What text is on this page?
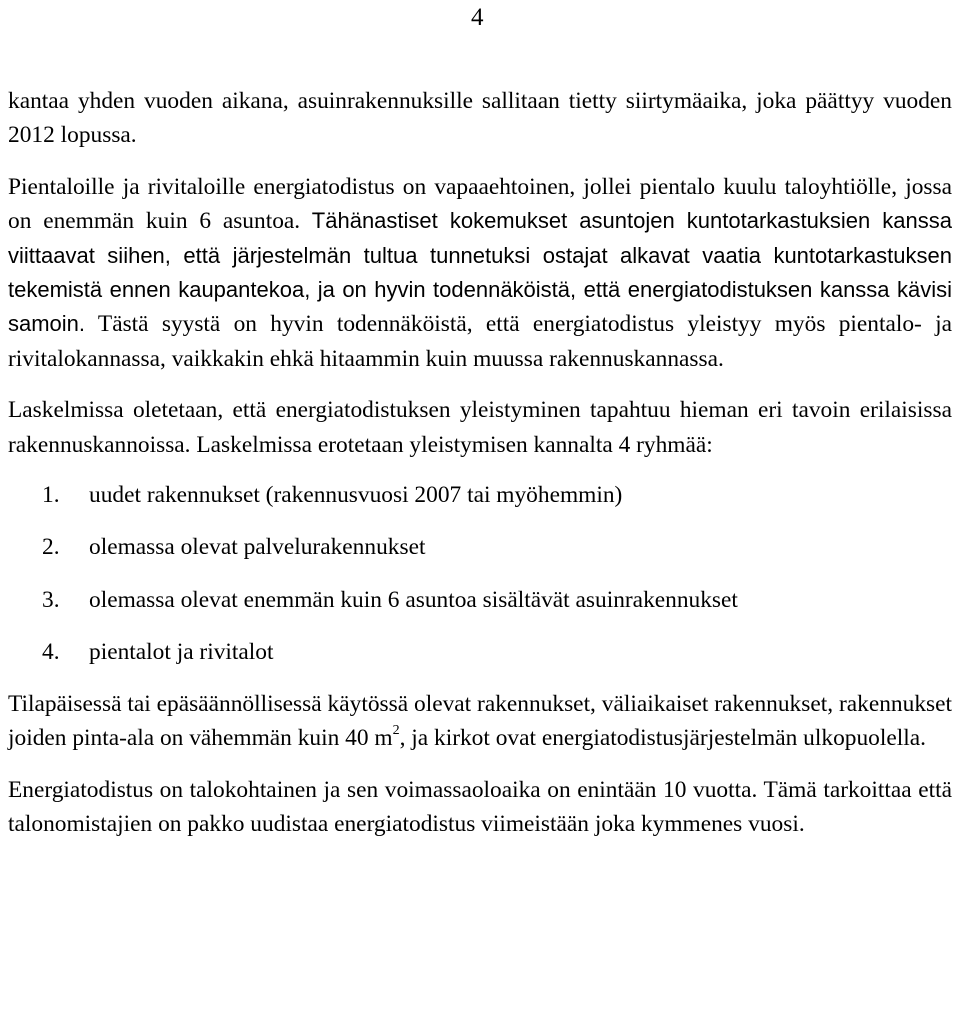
4

kantaa yhden vuoden aikana, asuinrakennuksille sallitaan tietty siirtymäaika, joka päättyy vuoden 2012 lopussa.

Pientaloille ja rivitaloille energiatodistus on vapaaehtoinen, jollei pientalo kuulu taloyhtiölle, jossa on enemmän kuin 6 asuntoa. Tähänastiset kokemukset asuntojen kuntotarkastuksien kanssa viittaavat siihen, että järjestelmän tultua tunnetuksi ostajat alkavat vaatia kuntotarkastuksen tekemistä ennen kaupantekoa, ja on hyvin todennäköistä, että energiatodistuksen kanssa kävisi samoin. Tästä syystä on hyvin todennäköistä, että energiatodistus yleistyy myös pientalo- ja rivitalokannassa, vaikkakin ehkä hitaammin kuin muussa rakennuskannassa.

Laskelmissa oletetaan, että energiatodistuksen yleistyminen tapahtuu hieman eri tavoin erilaisissa rakennuskannoissa. Laskelmissa erotetaan yleistymisen kannalta 4 ryhmää:

1. uudet rakennukset (rakennusvuosi 2007 tai myöhemmin)
2. olemassa olevat palvelurakennukset
3. olemassa olevat enemmän kuin 6 asuntoa sisältävät asuinrakennukset
4. pientalot ja rivitalot

Tilapäisessä tai epäsäännöllisessä käytössä olevat rakennukset, väliaikaiset rakennukset, rakennukset joiden pinta-ala on vähemmän kuin 40 $m^2$, ja kirkot ovat energiatodistusjärjestelmän ulkopuolella.

Energiatodistus on talokohtainen ja sen voimassaoloaika on enintään 10 vuotta. Tämä tarkoittaa että talonomistajien on pakko uudistaa energiatodistus viimeistään joka kymmenes vuosi.
